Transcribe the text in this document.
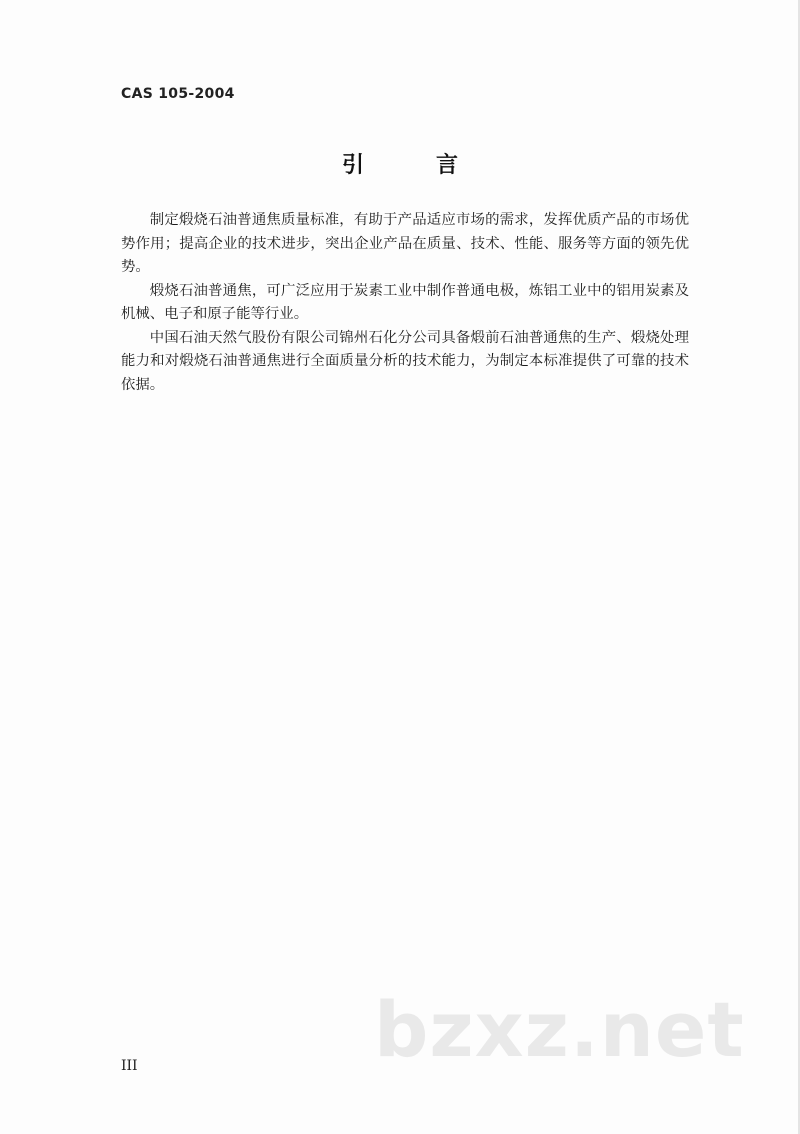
CAS 105-2004
引	言

制定煅烧石油普通焦质量标准，有助于产品适应市场的需求，发挥优质产品的市场优势作用；提高企业的技术进步，突出企业产品在质量、技术、性能、服务等方面的领先优势。

煅烧石油普通焦，可广泛应用于炭素工业中制作普通电极，炼铝工业中的铝用炭素及机械、电子和原子能等行业。

中国石油天然气股份有限公司锦州石化分公司具备煅前石油普通焦的生产、煅烧处理能力和对煅烧石油普通焦进行全面质量分析的技术能力，为制定本标准提供了可靠的技术依据。

III	bzxz.net
